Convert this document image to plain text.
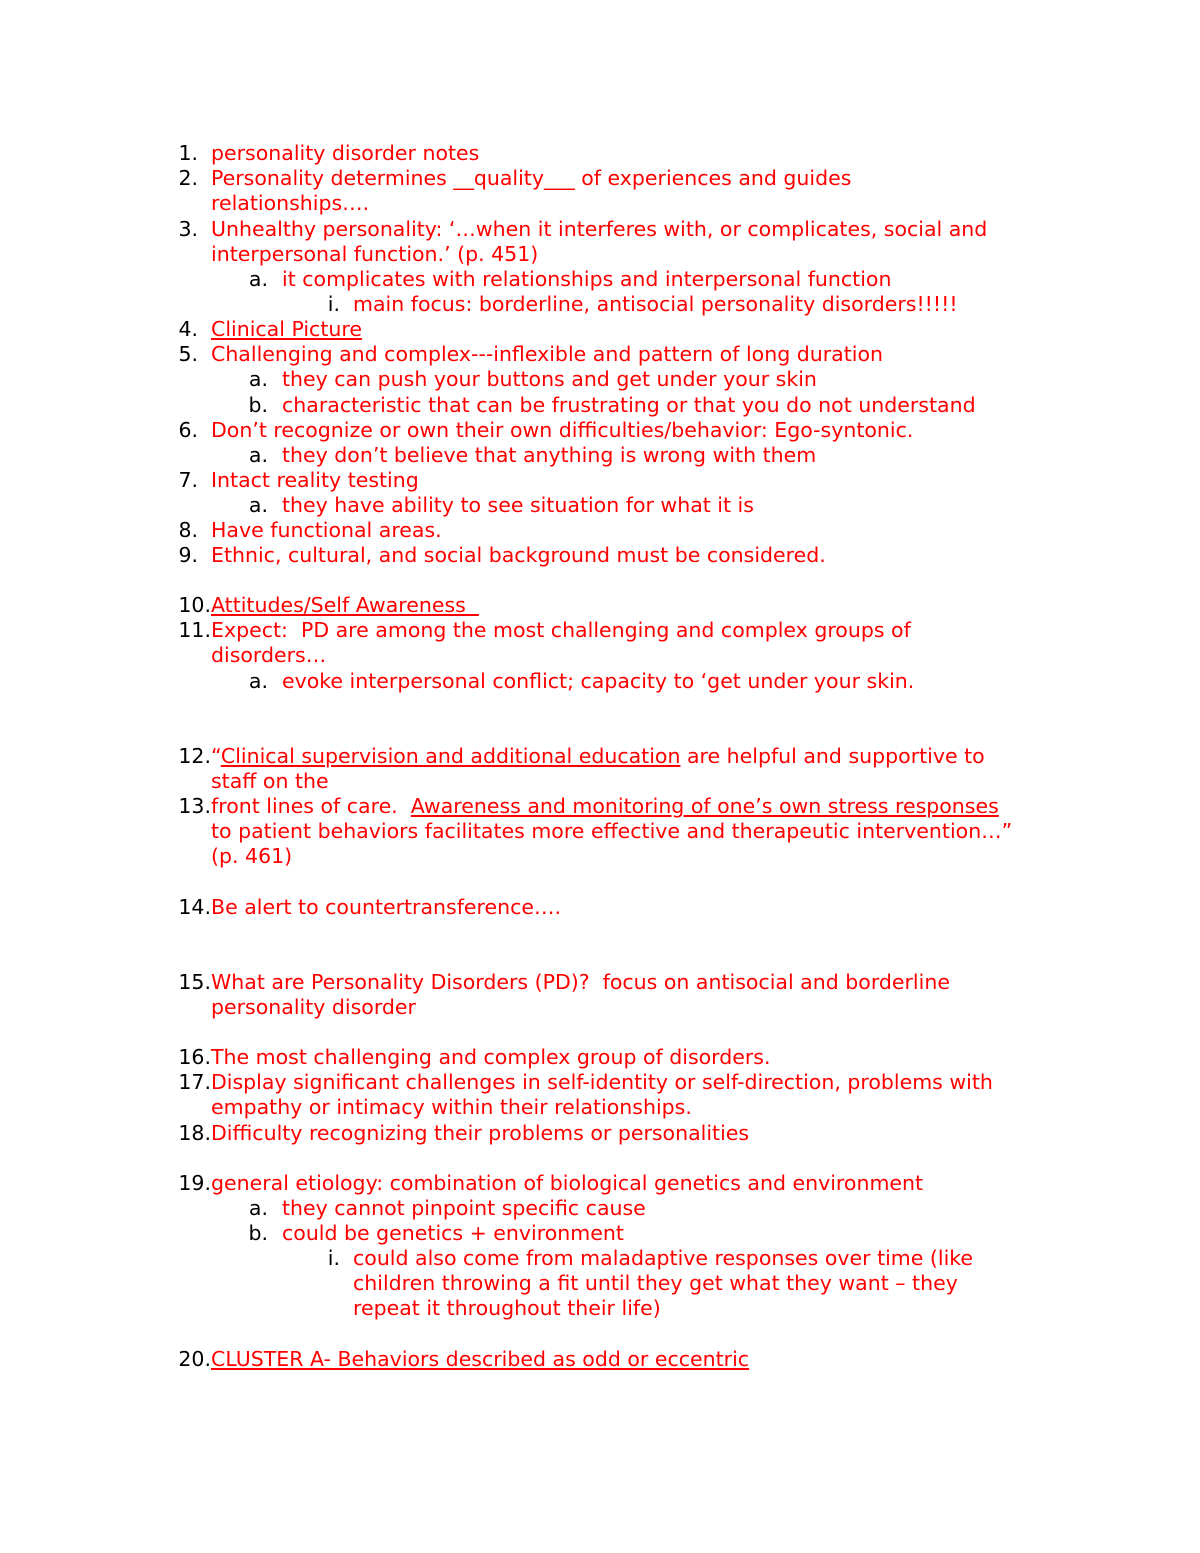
1. personality disorder notes
2. Personality determines __quality___ of experiences and guides
relationships….
3. Unhealthy personality: ‘…when it interferes with, or complicates, social and
interpersonal function.’ (p. 451)
a. it complicates with relationships and interpersonal function
i. main focus: borderline, antisocial personality disorders!!!!!
4. Clinical Picture
5. Challenging and complex---inflexible and pattern of long duration
a. they can push your buttons and get under your skin
b. characteristic that can be frustrating or that you do not understand
6. Don’t recognize or own their own difficulties/behavior: Ego-syntonic.
a. they don’t believe that anything is wrong with them
7. Intact reality testing
a. they have ability to see situation for what it is
8. Have functional areas.
9. Ethnic, cultural, and social background must be considered.
10. Attitudes/Self Awareness
11. Expect:  PD are among the most challenging and complex groups of
disorders…
a. evoke interpersonal conflict; capacity to ‘get under your skin.
12. “Clinical supervision and additional education are helpful and supportive to
staff on the
13. front lines of care.  Awareness and monitoring of one’s own stress responses
to patient behaviors facilitates more effective and therapeutic intervention…”
(p. 461)
14. Be alert to countertransference….
15. What are Personality Disorders (PD)?  focus on antisocial and borderline
personality disorder
16. The most challenging and complex group of disorders.
17. Display significant challenges in self-identity or self-direction, problems with
empathy or intimacy within their relationships.
18. Difficulty recognizing their problems or personalities
19. general etiology: combination of biological genetics and environment
a. they cannot pinpoint specific cause
b. could be genetics + environment
i. could also come from maladaptive responses over time (like
children throwing a fit until they get what they want – they
repeat it throughout their life)
20. CLUSTER A- Behaviors described as odd or eccentric
